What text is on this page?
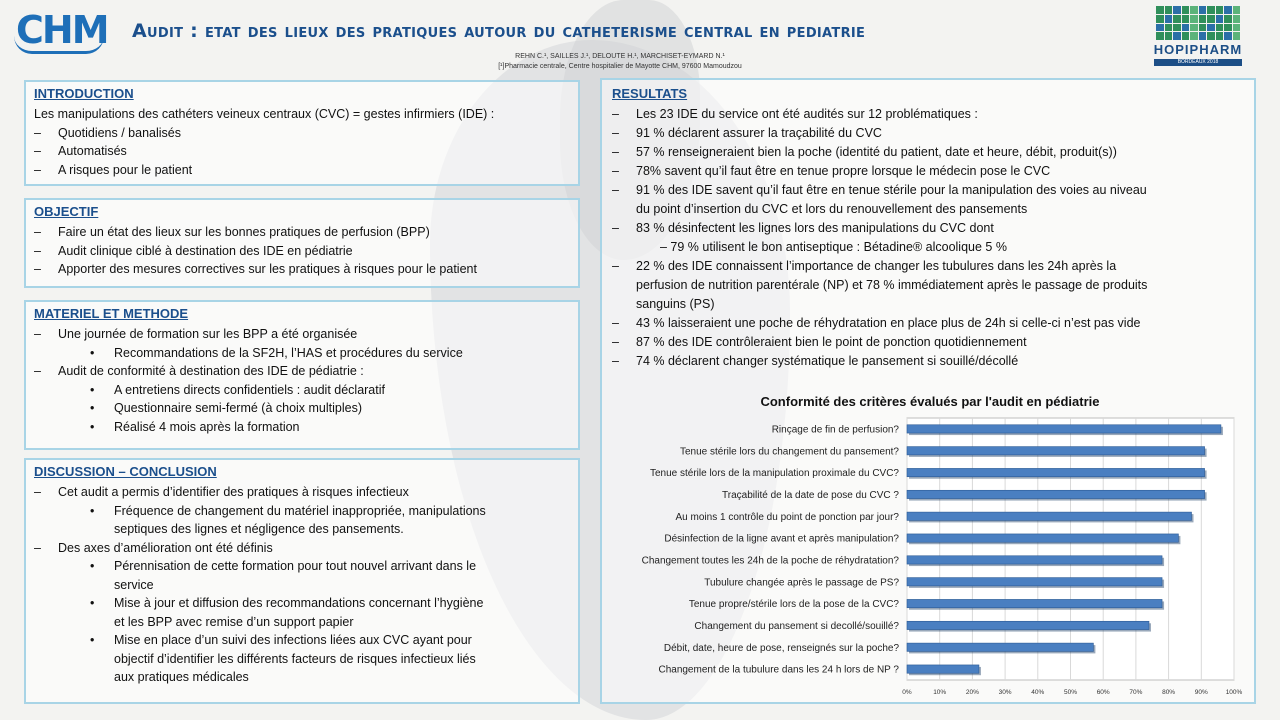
CHM Audit : etat des lieux des pratiques autour du catheterisme central en pediatrie
REHN C.¹, SAILLES J.¹, DELOUTE H.¹, MARCHISET-EYMARD N.¹
[¹]Pharmacie centrale, Centre hospitalier de Mayotte CHM, 97600 Mamoudzou
HOPIPHARM
BORDEAUX 2018
INTRODUCTION
Les manipulations des cathéters veineux centraux (CVC) = gestes infirmiers (IDE) :
– Quotidiens / banalisés
– Automatisés
– A risques pour le patient
OBJECTIF
– Faire un état des lieux sur les bonnes pratiques de perfusion (BPP)
– Audit clinique ciblé à destination des IDE en pédiatrie
– Apporter des mesures correctives sur les pratiques à risques pour le patient
MATERIEL ET METHODE
– Une journée de formation sur les BPP a été organisée
• Recommandations de la SF2H, l’HAS et procédures du service
– Audit de conformité à destination des IDE de pédiatrie :
• A entretiens directs confidentiels : audit déclaratif
• Questionnaire semi-fermé (à choix multiples)
• Réalisé 4 mois après la formation
DISCUSSION – CONCLUSION
– Cet audit a permis d’identifier des pratiques à risques infectieux
• Fréquence de changement du matériel inappropriée, manipulations
septiques des lignes et négligence des pansements.
– Des axes d’amélioration ont été définis
• Pérennisation de cette formation pour tout nouvel arrivant dans le
service
• Mise à jour et diffusion des recommandations concernant l’hygiène
et les BPP avec remise d’un support papier
• Mise en place d’un suivi des infections liées aux CVC ayant pour
objectif d’identifier les différents facteurs de risques infectieux liés
aux pratiques médicales
RESULTATS
– Les 23 IDE du service ont été audités sur 12 problématiques :
– 91 % déclarent assurer la traçabilité du CVC
– 57 % renseigneraient bien la poche (identité du patient, date et heure, débit, produit(s))
– 78% savent qu’il faut être en tenue propre lorsque le médecin pose le CVC
– 91 % des IDE savent qu’il faut être en tenue stérile pour la manipulation des voies au niveau
du point d’insertion du CVC et lors du renouvellement des pansements
– 83 % désinfectent les lignes lors des manipulations du CVC dont
– 79 % utilisent le bon antiseptique : Bétadine® alcoolique 5 %
– 22 % des IDE connaissent l’importance de changer les tubulures dans les 24h après la
perfusion de nutrition parentérale (NP) et 78 % immédiatement après le passage de produits
sanguins (PS)
– 43 % laisseraient une poche de réhydratation en place plus de 24h si celle-ci n’est pas vide
– 87 % des IDE contrôleraient bien le point de ponction quotidiennement
– 74 % déclarent changer systématique le pansement si souillé/décollé
Conformité des critères évalués par l'audit en pédiatrie
0%	10%	20%	30%	40%	50%	60%	70%	80%	90%	100%
Rinçage de fin de perfusion?
Tenue stérile lors du changement du pansement?
Tenue stérile lors de la manipulation proximale du CVC?
Traçabilité de la date de pose du CVC ?
Au moins 1 contrôle du point de ponction par jour?
Désinfection de la ligne avant et après manipulation?
Changement toutes les 24h de la poche de réhydratation?
Tubulure changée après le passage de PS?
Tenue propre/stérile lors de la pose de la CVC?
Changement du pansement si decollé/souillé?
Débit, date, heure de pose, renseignés sur la poche?
Changement de la tubulure dans les 24 h lors de NP ?
